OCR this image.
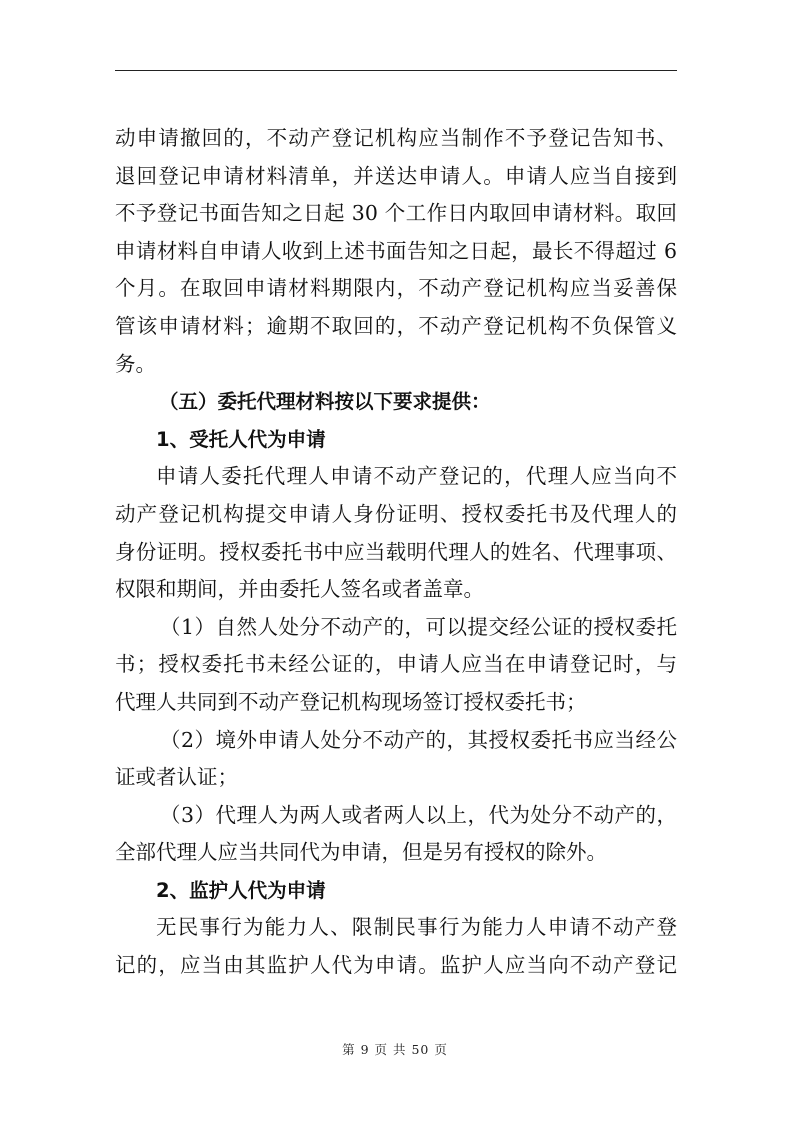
动申请撤回的，不动产登记机构应当制作不予登记告知书、
退回登记申请材料清单，并送达申请人。申请人应当自接到
不予登记书面告知之日起 30 个工作日内取回申请材料。取回
申请材料自申请人收到上述书面告知之日起，最长不得超过 6
个月。在取回申请材料期限内，不动产登记机构应当妥善保
管该申请材料；逾期不取回的，不动产登记机构不负保管义
务。
（五）委托代理材料按以下要求提供：
1、受托人代为申请
申请人委托代理人申请不动产登记的，代理人应当向不
动产登记机构提交申请人身份证明、授权委托书及代理人的
身份证明。授权委托书中应当载明代理人的姓名、代理事项、
权限和期间，并由委托人签名或者盖章。
（1）自然人处分不动产的，可以提交经公证的授权委托
书；授权委托书未经公证的，申请人应当在申请登记时，与
代理人共同到不动产登记机构现场签订授权委托书；
（2）境外申请人处分不动产的，其授权委托书应当经公
证或者认证；
（3）代理人为两人或者两人以上，代为处分不动产的，
全部代理人应当共同代为申请，但是另有授权的除外。
2、监护人代为申请
无民事行为能力人、限制民事行为能力人申请不动产登
记的，应当由其监护人代为申请。监护人应当向不动产登记
第 9 页 共 50 页
